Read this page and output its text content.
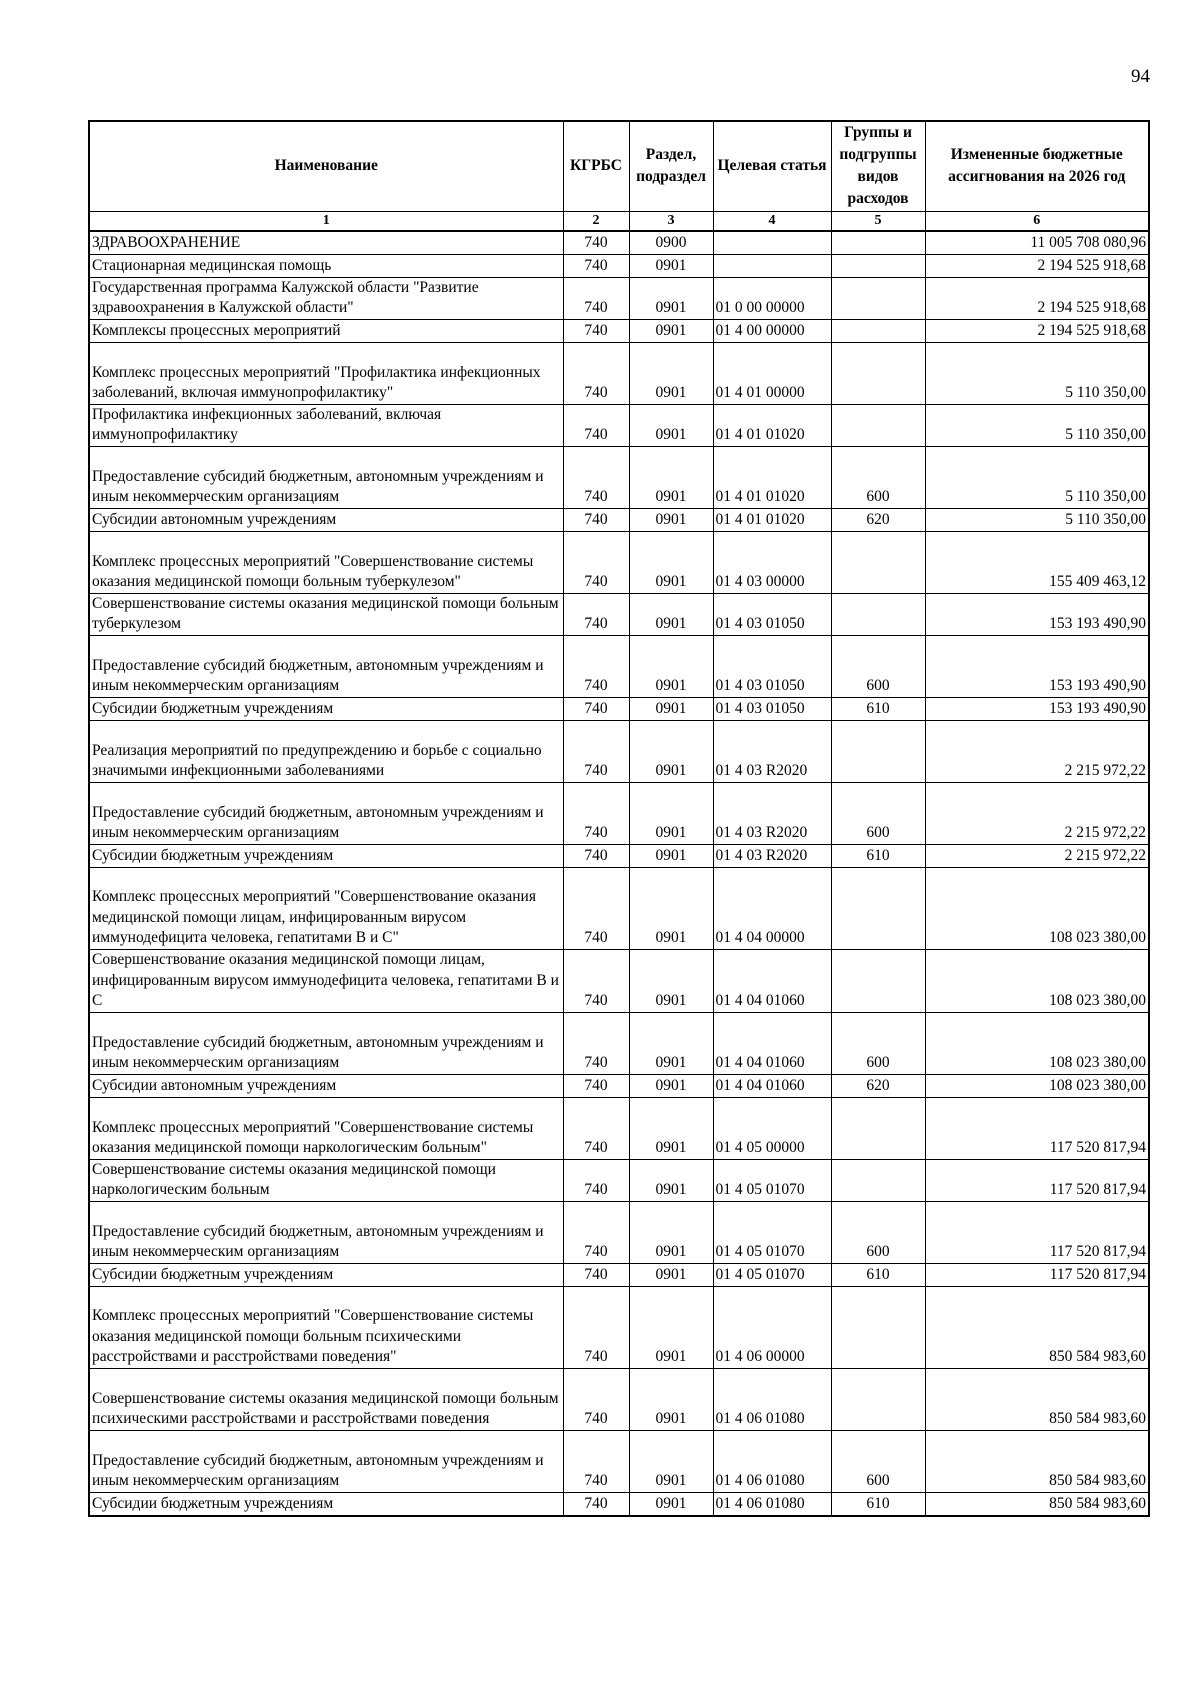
94
Наименование	КГРБС	Раздел, подраздел	Целевая статья	Группы и подгруппы видов расходов	Измененные бюджетные ассигнования на 2026 год
1	2	3	4	5	6
ЗДРАВООХРАНЕНИЕ	740	0900			11 005 708 080,96
Стационарная медицинская помощь	740	0901			2 194 525 918,68
Государственная программа Калужской области "Развитие здравоохранения в Калужской области"	740	0901	01 0 00 00000		2 194 525 918,68
Комплексы процессных мероприятий	740	0901	01 4 00 00000		2 194 525 918,68
Комплекс процессных мероприятий "Профилактика инфекционных заболеваний, включая иммунопрофилактику"	740	0901	01 4 01 00000		5 110 350,00
Профилактика инфекционных заболеваний, включая иммунопрофилактику	740	0901	01 4 01 01020		5 110 350,00
Предоставление субсидий бюджетным, автономным учреждениям и иным некоммерческим организациям	740	0901	01 4 01 01020	600	5 110 350,00
Субсидии автономным учреждениям	740	0901	01 4 01 01020	620	5 110 350,00
Комплекс процессных мероприятий "Совершенствование системы оказания медицинской помощи больным туберкулезом"	740	0901	01 4 03 00000		155 409 463,12
Совершенствование системы оказания медицинской помощи больным туберкулезом	740	0901	01 4 03 01050		153 193 490,90
Предоставление субсидий бюджетным, автономным учреждениям и иным некоммерческим организациям	740	0901	01 4 03 01050	600	153 193 490,90
Субсидии бюджетным учреждениям	740	0901	01 4 03 01050	610	153 193 490,90
Реализация мероприятий по предупреждению и борьбе с социально значимыми инфекционными заболеваниями	740	0901	01 4 03 R2020		2 215 972,22
Предоставление субсидий бюджетным, автономным учреждениям и иным некоммерческим организациям	740	0901	01 4 03 R2020	600	2 215 972,22
Субсидии бюджетным учреждениям	740	0901	01 4 03 R2020	610	2 215 972,22
Комплекс процессных мероприятий "Совершенствование оказания медицинской помощи лицам, инфицированным вирусом иммунодефицита человека, гепатитами В и С"	740	0901	01 4 04 00000		108 023 380,00
Совершенствование оказания медицинской помощи лицам, инфицированным вирусом иммунодефицита человека, гепатитами В и С	740	0901	01 4 04 01060		108 023 380,00
Предоставление субсидий бюджетным, автономным учреждениям и иным некоммерческим организациям	740	0901	01 4 04 01060	600	108 023 380,00
Субсидии автономным учреждениям	740	0901	01 4 04 01060	620	108 023 380,00
Комплекс процессных мероприятий "Совершенствование системы оказания медицинской помощи наркологическим больным"	740	0901	01 4 05 00000		117 520 817,94
Совершенствование системы оказания медицинской помощи наркологическим больным	740	0901	01 4 05 01070		117 520 817,94
Предоставление субсидий бюджетным, автономным учреждениям и иным некоммерческим организациям	740	0901	01 4 05 01070	600	117 520 817,94
Субсидии бюджетным учреждениям	740	0901	01 4 05 01070	610	117 520 817,94
Комплекс процессных мероприятий "Совершенствование системы оказания медицинской помощи больным психическими расстройствами и расстройствами поведения"	740	0901	01 4 06 00000		850 584 983,60
Совершенствование системы оказания медицинской помощи больным психическими расстройствами и расстройствами поведения	740	0901	01 4 06 01080		850 584 983,60
Предоставление субсидий бюджетным, автономным учреждениям и иным некоммерческим организациям	740	0901	01 4 06 01080	600	850 584 983,60
Субсидии бюджетным учреждениям	740	0901	01 4 06 01080	610	850 584 983,60
